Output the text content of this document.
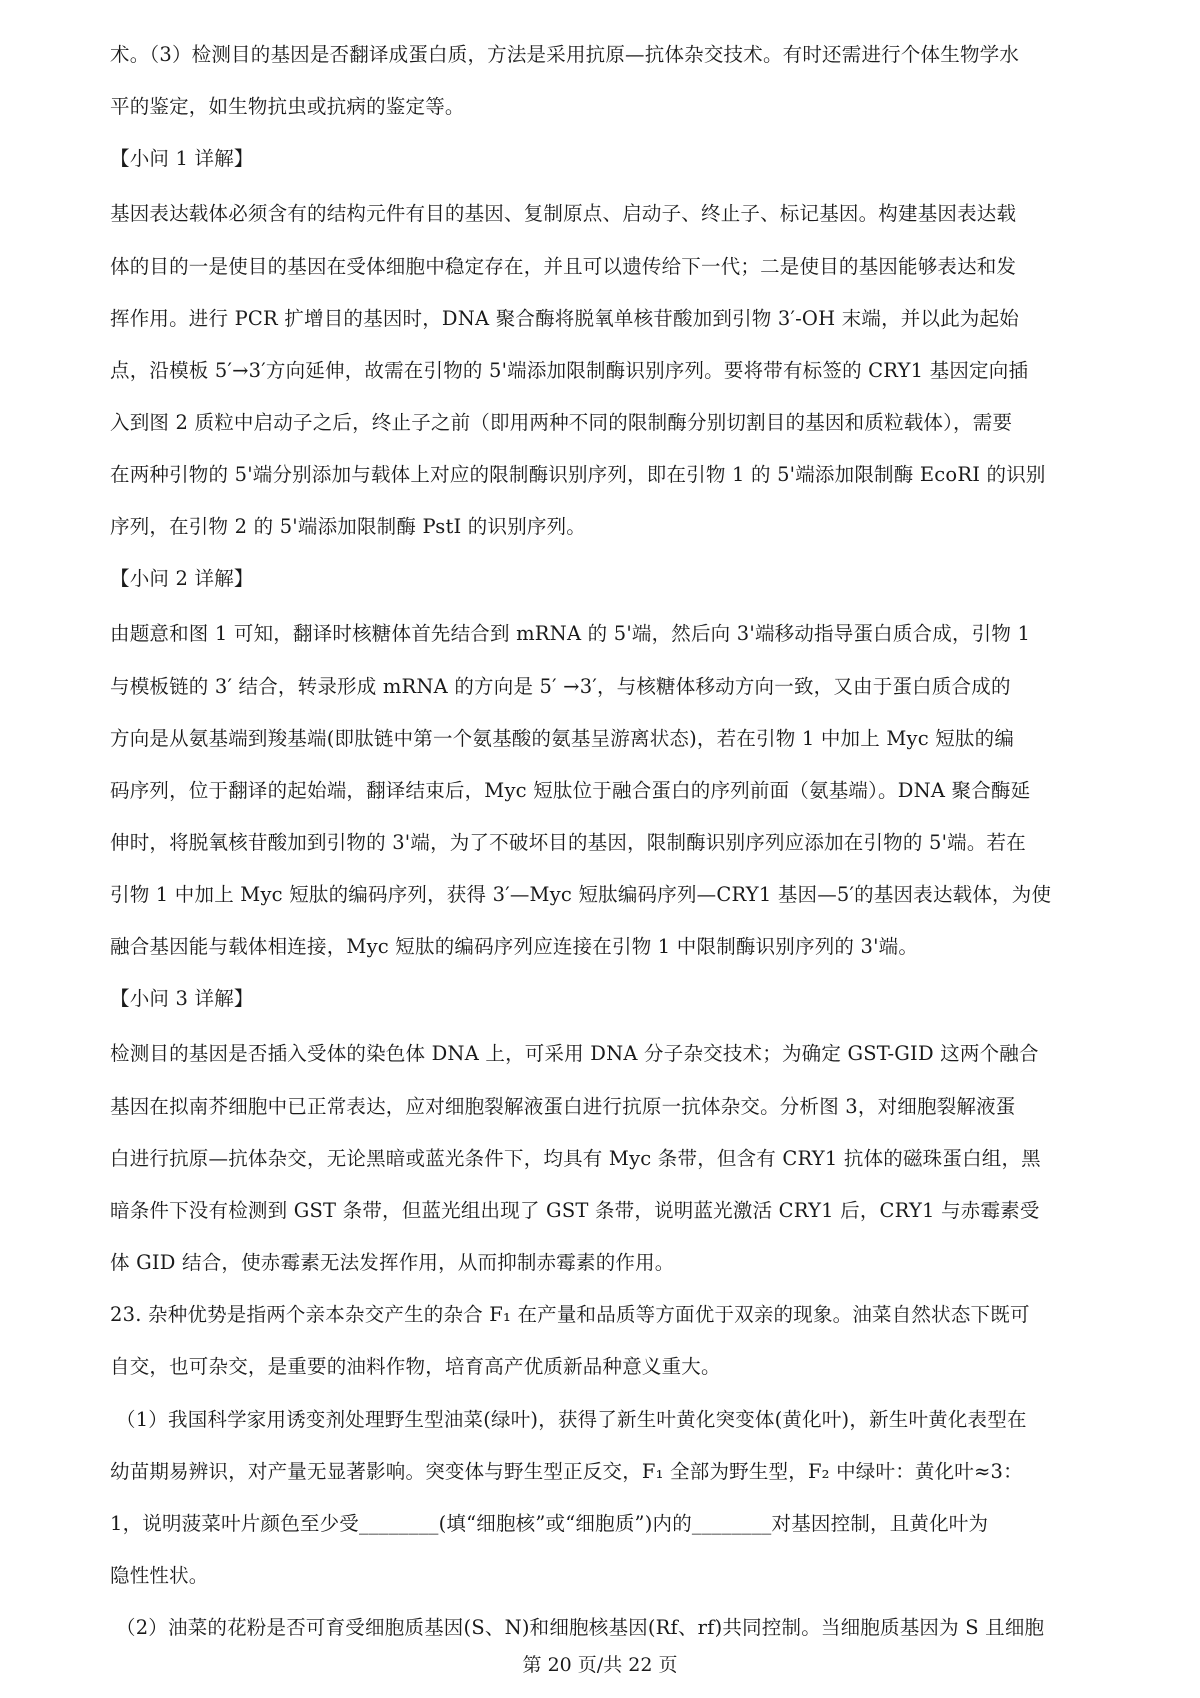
术。（3）检测目的基因是否翻译成蛋白质，方法是采用抗原—抗体杂交技术。有时还需进行个体生物学水
平的鉴定，如生物抗虫或抗病的鉴定等。
【小问 1 详解】
基因表达载体必须含有的结构元件有目的基因、复制原点、启动子、终止子、标记基因。构建基因表达载
体的目的一是使目的基因在受体细胞中稳定存在，并且可以遗传给下一代；二是使目的基因能够表达和发
挥作用。进行 PCR 扩增目的基因时，DNA 聚合酶将脱氧单核苷酸加到引物 3′-OH 末端，并以此为起始
点，沿模板 5′→3′方向延伸，故需在引物的 5'端添加限制酶识别序列。要将带有标签的 CRY1 基因定向插
入到图 2 质粒中启动子之后，终止子之前（即用两种不同的限制酶分别切割目的基因和质粒载体），需要
在两种引物的 5'端分别添加与载体上对应的限制酶识别序列，即在引物 1 的 5'端添加限制酶 EcoRI 的识别
序列，在引物 2 的 5'端添加限制酶 PstI 的识别序列。
【小问 2 详解】
由题意和图 1 可知，翻译时核糖体首先结合到 mRNA 的 5'端，然后向 3'端移动指导蛋白质合成，引物 1
与模板链的 3′ 结合，转录形成 mRNA 的方向是 5′ →3′，与核糖体移动方向一致，又由于蛋白质合成的
方向是从氨基端到羧基端(即肽链中第一个氨基酸的氨基呈游离状态)，若在引物 1 中加上 Myc 短肽的编
码序列，位于翻译的起始端，翻译结束后，Myc 短肽位于融合蛋白的序列前面（氨基端）。DNA 聚合酶延
伸时，将脱氧核苷酸加到引物的 3'端，为了不破坏目的基因，限制酶识别序列应添加在引物的 5'端。若在
引物 1 中加上 Myc 短肽的编码序列，获得 3′—Myc 短肽编码序列—CRY1 基因—5′的基因表达载体，为使
融合基因能与载体相连接，Myc 短肽的编码序列应连接在引物 1 中限制酶识别序列的 3'端。
【小问 3 详解】
检测目的基因是否插入受体的染色体 DNA 上，可采用 DNA 分子杂交技术；为确定 GST-GID 这两个融合
基因在拟南芥细胞中已正常表达，应对细胞裂解液蛋白进行抗原一抗体杂交。分析图 3，对细胞裂解液蛋
白进行抗原—抗体杂交，无论黑暗或蓝光条件下，均具有 Myc 条带，但含有 CRY1 抗体的磁珠蛋白组，黑
暗条件下没有检测到 GST 条带，但蓝光组出现了 GST 条带，说明蓝光激活 CRY1 后，CRY1 与赤霉素受
体 GID 结合，使赤霉素无法发挥作用，从而抑制赤霉素的作用。
23. 杂种优势是指两个亲本杂交产生的杂合 F₁ 在产量和品质等方面优于双亲的现象。油菜自然状态下既可
自交，也可杂交，是重要的油料作物，培育高产优质新品种意义重大。
（1）我国科学家用诱变剂处理野生型油菜(绿叶)，获得了新生叶黄化突变体(黄化叶)，新生叶黄化表型在
幼苗期易辨识，对产量无显著影响。突变体与野生型正反交，F₁ 全部为野生型，F₂ 中绿叶：黄化叶≈3：
1，说明菠菜叶片颜色至少受________(填“细胞核”或“细胞质”)内的________对基因控制，且黄化叶为
隐性性状。
（2）油菜的花粉是否可育受细胞质基因(S、N)和细胞核基因(Rf、rf)共同控制。当细胞质基因为 S 且细胞
第 20 页/共 22 页
